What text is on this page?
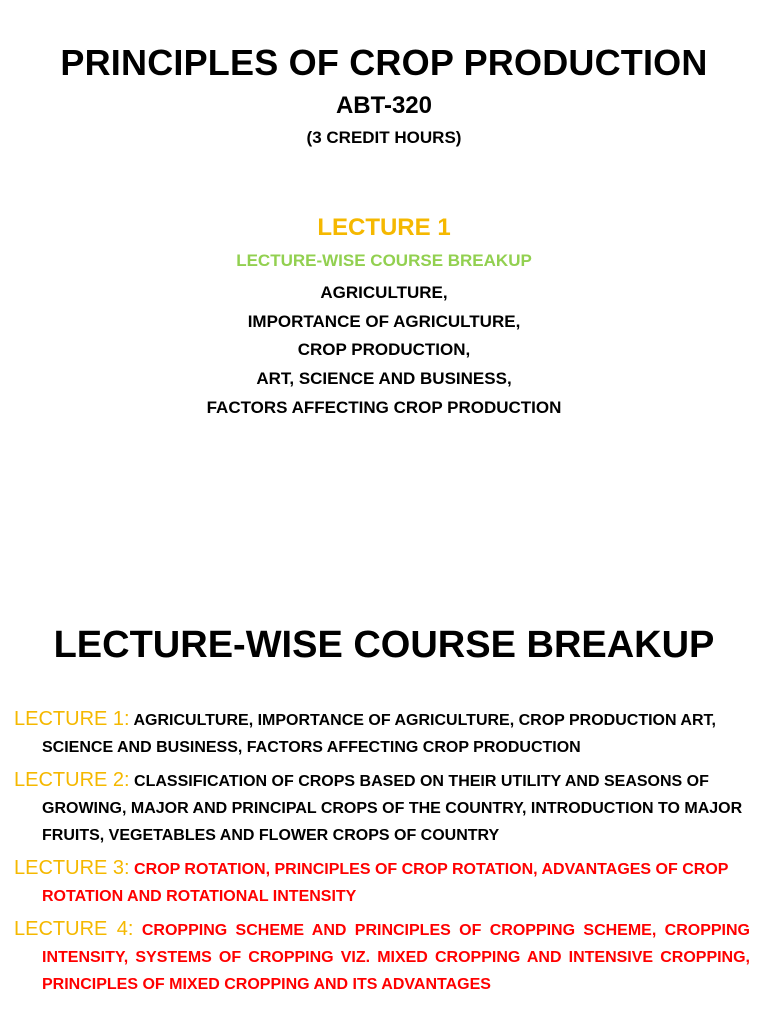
PRINCIPLES OF CROP PRODUCTION
ABT-320
(3 CREDIT HOURS)
LECTURE 1
LECTURE-WISE COURSE BREAKUP
AGRICULTURE,
IMPORTANCE OF AGRICULTURE,
CROP PRODUCTION,
ART, SCIENCE AND BUSINESS,
FACTORS AFFECTING CROP PRODUCTION
LECTURE-WISE COURSE BREAKUP
LECTURE 1: AGRICULTURE, IMPORTANCE OF AGRICULTURE, CROP PRODUCTION ART, SCIENCE AND BUSINESS, FACTORS AFFECTING CROP PRODUCTION
LECTURE 2: CLASSIFICATION OF CROPS BASED ON THEIR UTILITY AND SEASONS OF GROWING, MAJOR AND PRINCIPAL CROPS OF THE COUNTRY, INTRODUCTION TO MAJOR FRUITS, VEGETABLES AND FLOWER CROPS OF COUNTRY
LECTURE 3: CROP ROTATION, PRINCIPLES OF CROP ROTATION, ADVANTAGES OF CROP ROTATION AND ROTATIONAL INTENSITY
LECTURE 4: CROPPING SCHEME AND PRINCIPLES OF CROPPING SCHEME, CROPPING INTENSITY, SYSTEMS OF CROPPING VIZ. MIXED CROPPING AND INTENSIVE CROPPING, PRINCIPLES OF MIXED CROPPING AND ITS ADVANTAGES
